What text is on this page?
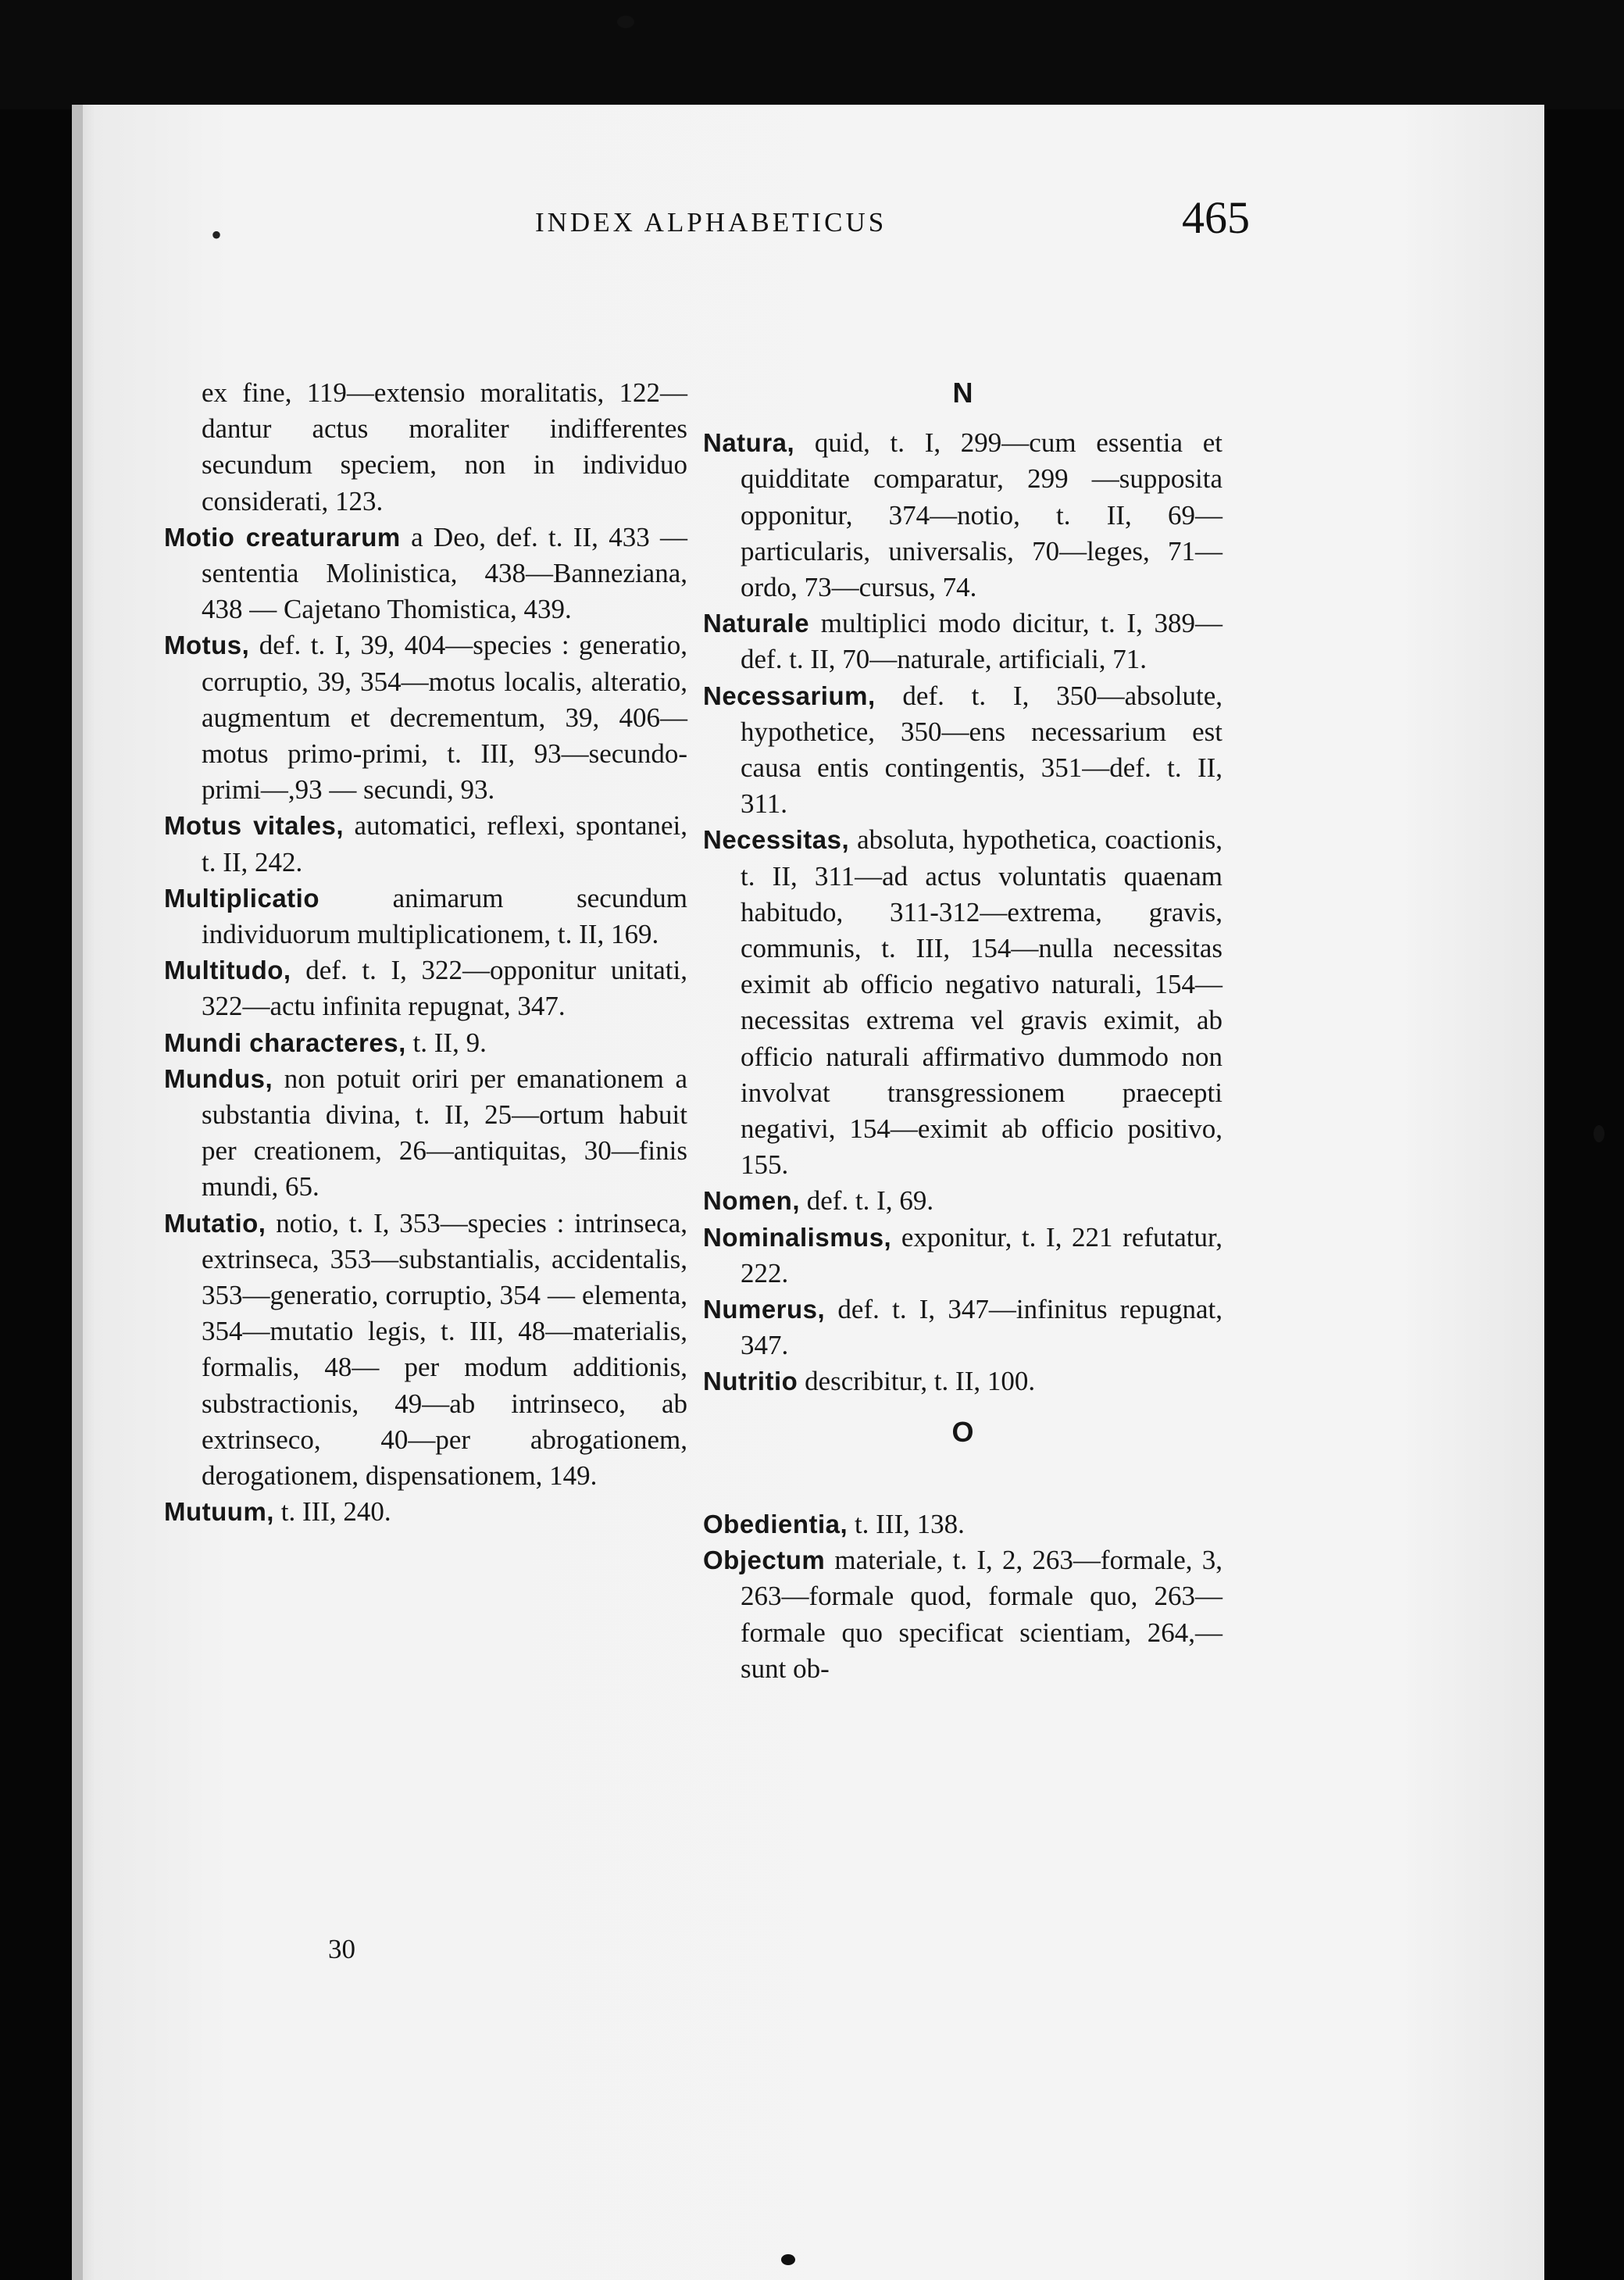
•	INDEX ALPHABETICUS	465

ex fine, 119—extensio moralitatis, 122—dantur actus moraliter indifferentes secundum speciem, non in individuo considerati, 123.

Motio creaturarum a Deo, def. t. II, 433 — sententia Molinistica, 438—Banneziana, 438 — Cajetano Thomistica, 439.

Motus, def. t. I, 39, 404—species : generatio, corruptio, 39, 354—motus localis, alteratio, augmentum et decrementum, 39, 406—motus primo-primi, t. III, 93—secundo-primi—,93 — secundi, 93.

Motus vitales, automatici, reflexi, spontanei, t. II, 242.

Multiplicatio animarum secundum individuorum multiplicationem, t. II, 169.

Multitudo, def. t. I, 322—opponitur unitati, 322—actu infinita repugnat, 347.

Mundi characteres, t. II, 9.

Mundus, non potuit oriri per emanationem a substantia divina, t. II, 25—ortum habuit per creationem, 26—antiquitas, 30—finis mundi, 65.

Mutatio, notio, t. I, 353—species : intrinseca, extrinseca, 353—substantialis, accidentalis, 353—generatio, corruptio, 354 — elementa, 354—mutatio legis, t. III, 48—materialis, formalis, 48— per modum additionis, substractionis, 49—ab intrinseco, ab extrinseco, 40—per abrogationem, derogationem, dispensationem, 149.

Mutuum, t. III, 240.

N

Natura, quid, t. I, 299—cum essentia et quidditate comparatur, 299 —supposita opponitur, 374—notio, t. II, 69—particularis, universalis, 70—leges, 71—ordo, 73—cursus, 74.

Naturale multiplici modo dicitur, t. I, 389—def. t. II, 70—naturale, artificiali, 71.

Necessarium, def. t. I, 350—absolute, hypothetice, 350—ens necessarium est causa entis contingentis, 351—def. t. II, 311.

Necessitas, absoluta, hypothetica, coactionis, t. II, 311—ad actus voluntatis quaenam habitudo, 311-312—extrema, gravis, communis, t. III, 154—nulla necessitas eximit ab officio negativo naturali, 154—necessitas extrema vel gravis eximit, ab officio naturali affirmativo dummodo non involvat transgressionem praecepti negativi, 154—eximit ab officio positivo, 155.

Nomen, def. t. I, 69.

Nominalismus, exponitur, t. I, 221 refutatur, 222.

Numerus, def. t. I, 347—infinitus repugnat, 347.

Nutritio describitur, t. II, 100.

O

Obedientia, t. III, 138.

Objectum materiale, t. I, 2, 263—formale, 3, 263—formale quod, formale quo, 263—formale quo specificat scientiam, 264,—sunt ob-

30
